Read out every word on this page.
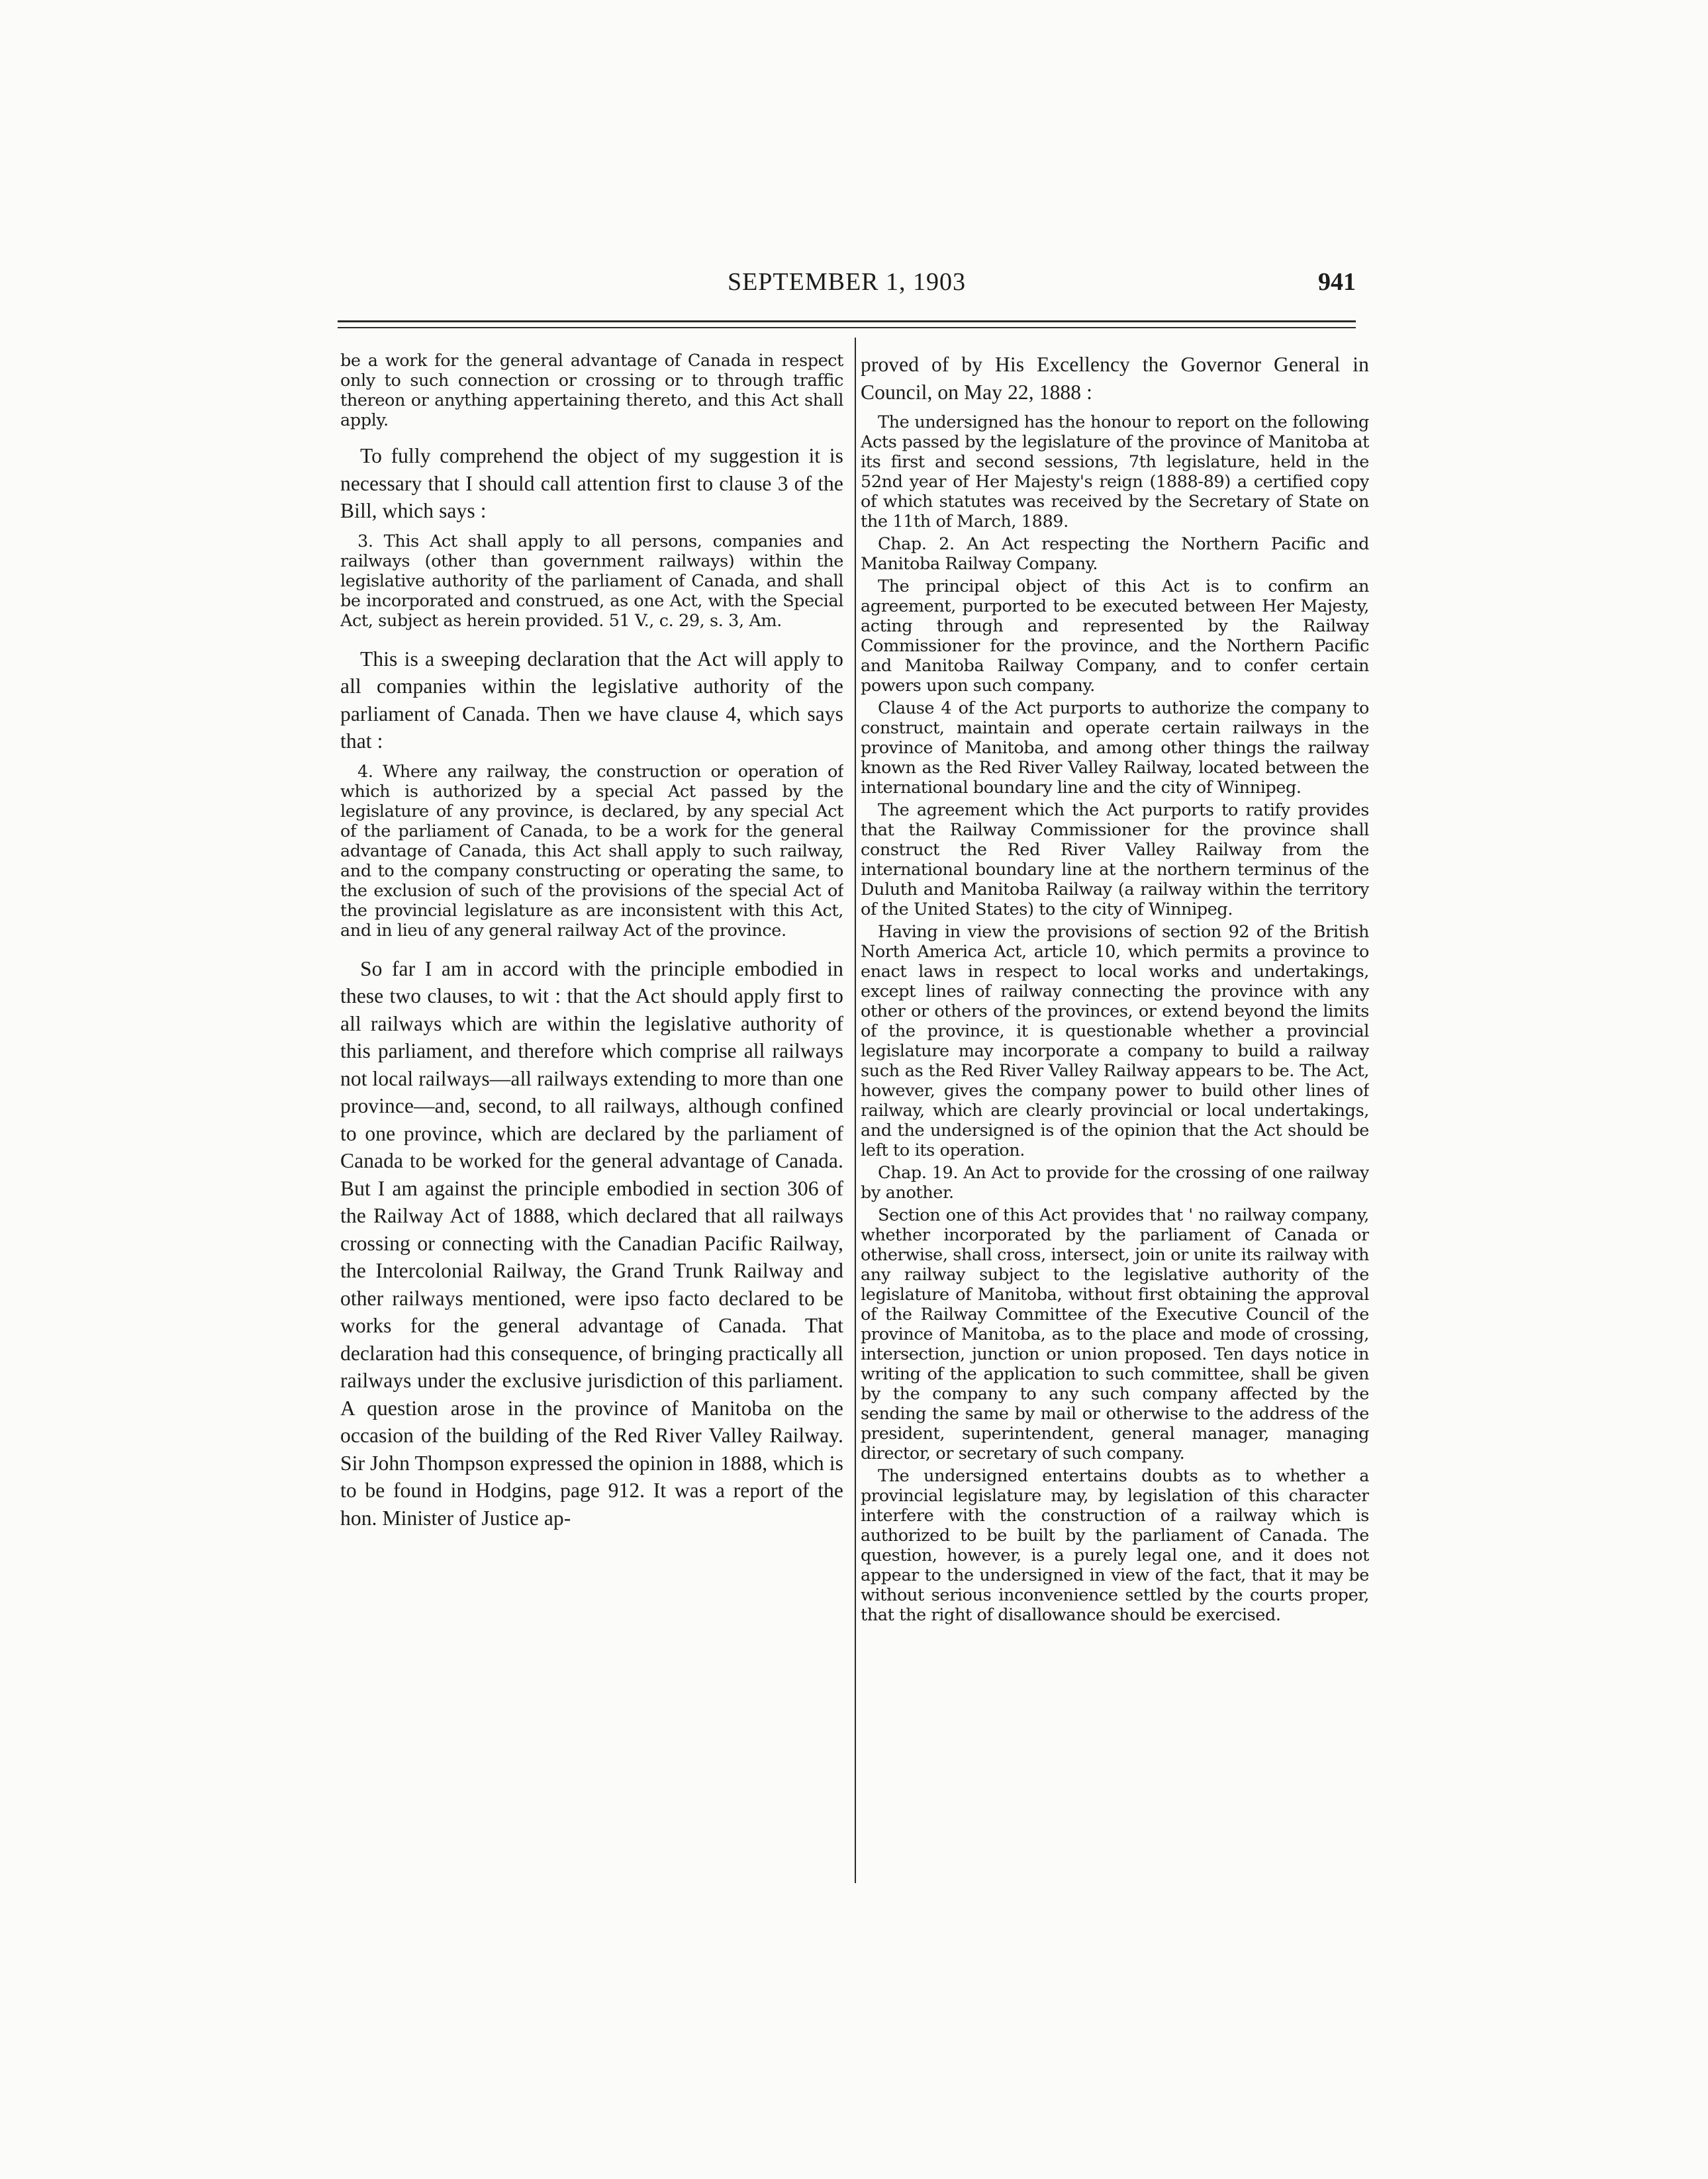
SEPTEMBER 1, 1903	941

be a work for the general advantage of Canada in respect only to such connection or crossing or to through traffic thereon or anything appertaining thereto, and this Act shall apply.

To fully comprehend the object of my suggestion it is necessary that I should call attention first to clause 3 of the Bill, which says :

3. This Act shall apply to all persons, companies and railways (other than government railways) within the legislative authority of the parliament of Canada, and shall be incorporated and construed, as one Act, with the Special Act, subject as herein provided. 51 V., c. 29, s. 3, Am.

This is a sweeping declaration that the Act will apply to all companies within the legislative authority of the parliament of Canada. Then we have clause 4, which says that :

4. Where any railway, the construction or operation of which is authorized by a special Act passed by the legislature of any province, is declared, by any special Act of the parliament of Canada, to be a work for the general advantage of Canada, this Act shall apply to such railway, and to the company constructing or operating the same, to the exclusion of such of the provisions of the special Act of the provincial legislature as are inconsistent with this Act, and in lieu of any general railway Act of the province.

So far I am in accord with the principle embodied in these two clauses, to wit : that the Act should apply first to all railways which are within the legislative authority of this parliament, and therefore which comprise all railways not local railways—all railways extending to more than one province—and, second, to all railways, although confined to one province, which are declared by the parliament of Canada to be worked for the general advantage of Canada. But I am against the principle embodied in section 306 of the Railway Act of 1888, which declared that all railways crossing or connecting with the Canadian Pacific Railway, the Intercolonial Railway, the Grand Trunk Railway and other railways mentioned, were ipso facto declared to be works for the general advantage of Canada. That declaration had this consequence, of bringing practically all railways under the exclusive jurisdiction of this parliament. A question arose in the province of Manitoba on the occasion of the building of the Red River Valley Railway. Sir John Thompson expressed the opinion in 1888, which is to be found in Hodgins, page 912. It was a report of the hon. Minister of Justice ap-

proved of by His Excellency the Governor General in Council, on May 22, 1888 :

The undersigned has the honour to report on the following Acts passed by the legislature of the province of Manitoba at its first and second sessions, 7th legislature, held in the 52nd year of Her Majesty's reign (1888-89) a certified copy of which statutes was received by the Secretary of State on the 11th of March, 1889.

Chap. 2. An Act respecting the Northern Pacific and Manitoba Railway Company.

The principal object of this Act is to confirm an agreement, purported to be executed between Her Majesty, acting through and represented by the Railway Commissioner for the province, and the Northern Pacific and Manitoba Railway Company, and to confer certain powers upon such company.

Clause 4 of the Act purports to authorize the company to construct, maintain and operate certain railways in the province of Manitoba, and among other things the railway known as the Red River Valley Railway, located between the international boundary line and the city of Winnipeg.

The agreement which the Act purports to ratify provides that the Railway Commissioner for the province shall construct the Red River Valley Railway from the international boundary line at the northern terminus of the Duluth and Manitoba Railway (a railway within the territory of the United States) to the city of Winnipeg.

Having in view the provisions of section 92 of the British North America Act, article 10, which permits a province to enact laws in respect to local works and undertakings, except lines of railway connecting the province with any other or others of the provinces, or extend beyond the limits of the province, it is questionable whether a provincial legislature may incorporate a company to build a railway such as the Red River Valley Railway appears to be. The Act, however, gives the company power to build other lines of railway, which are clearly provincial or local undertakings, and the undersigned is of the opinion that the Act should be left to its operation.

Chap. 19. An Act to provide for the crossing of one railway by another.

Section one of this Act provides that ' no railway company, whether incorporated by the parliament of Canada or otherwise, shall cross, intersect, join or unite its railway with any railway subject to the legislative authority of the legislature of Manitoba, without first obtaining the approval of the Railway Committee of the Executive Council of the province of Manitoba, as to the place and mode of crossing, intersection, junction or union proposed. Ten days notice in writing of the application to such committee, shall be given by the company to any such company affected by the sending the same by mail or otherwise to the address of the president, superintendent, general manager, managing director, or secretary of such company.

The undersigned entertains doubts as to whether a provincial legislature may, by legislation of this character interfere with the construction of a railway which is authorized to be built by the parliament of Canada. The question, however, is a purely legal one, and it does not appear to the undersigned in view of the fact, that it may be without serious inconvenience settled by the courts proper, that the right of disallowance should be exercised.
